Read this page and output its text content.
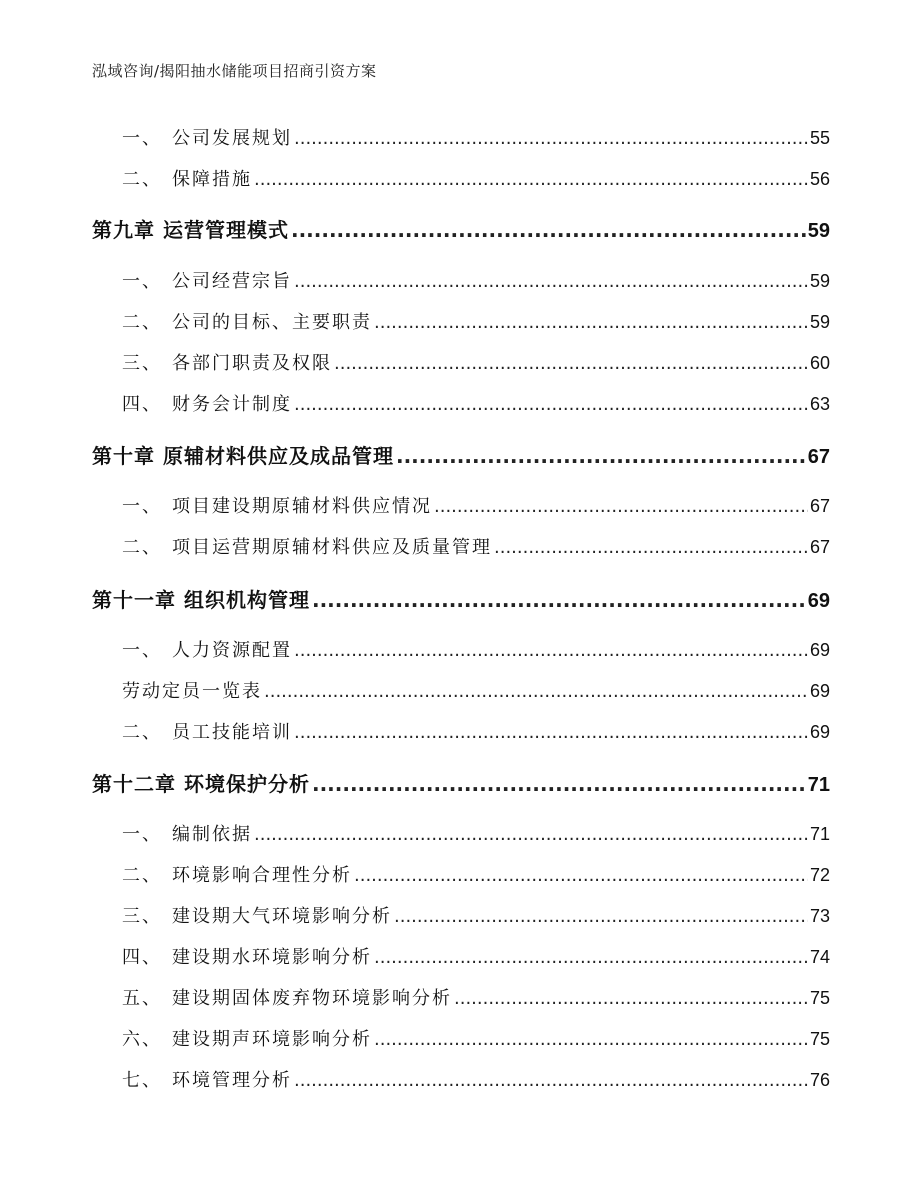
泓域咨询/揭阳抽水储能项目招商引资方案
一、 公司发展规划 .....	55
二、 保障措施 .....	56
第九章 运营管理模式 .....	59
一、 公司经营宗旨 .....	59
二、 公司的目标、主要职责 .....	59
三、 各部门职责及权限 .....	60
四、 财务会计制度 .....	63
第十章 原辅材料供应及成品管理 .....	67
一、 项目建设期原辅材料供应情况 .....	67
二、 项目运营期原辅材料供应及质量管理 .....	67
第十一章 组织机构管理 .....	69
一、 人力资源配置 .....	69
劳动定员一览表 .....	69
二、 员工技能培训 .....	69
第十二章 环境保护分析 .....	71
一、 编制依据 .....	71
二、 环境影响合理性分析 .....	72
三、 建设期大气环境影响分析 .....	73
四、 建设期水环境影响分析 .....	74
五、 建设期固体废弃物环境影响分析 .....	75
六、 建设期声环境影响分析 .....	75
七、 环境管理分析 .....	76
